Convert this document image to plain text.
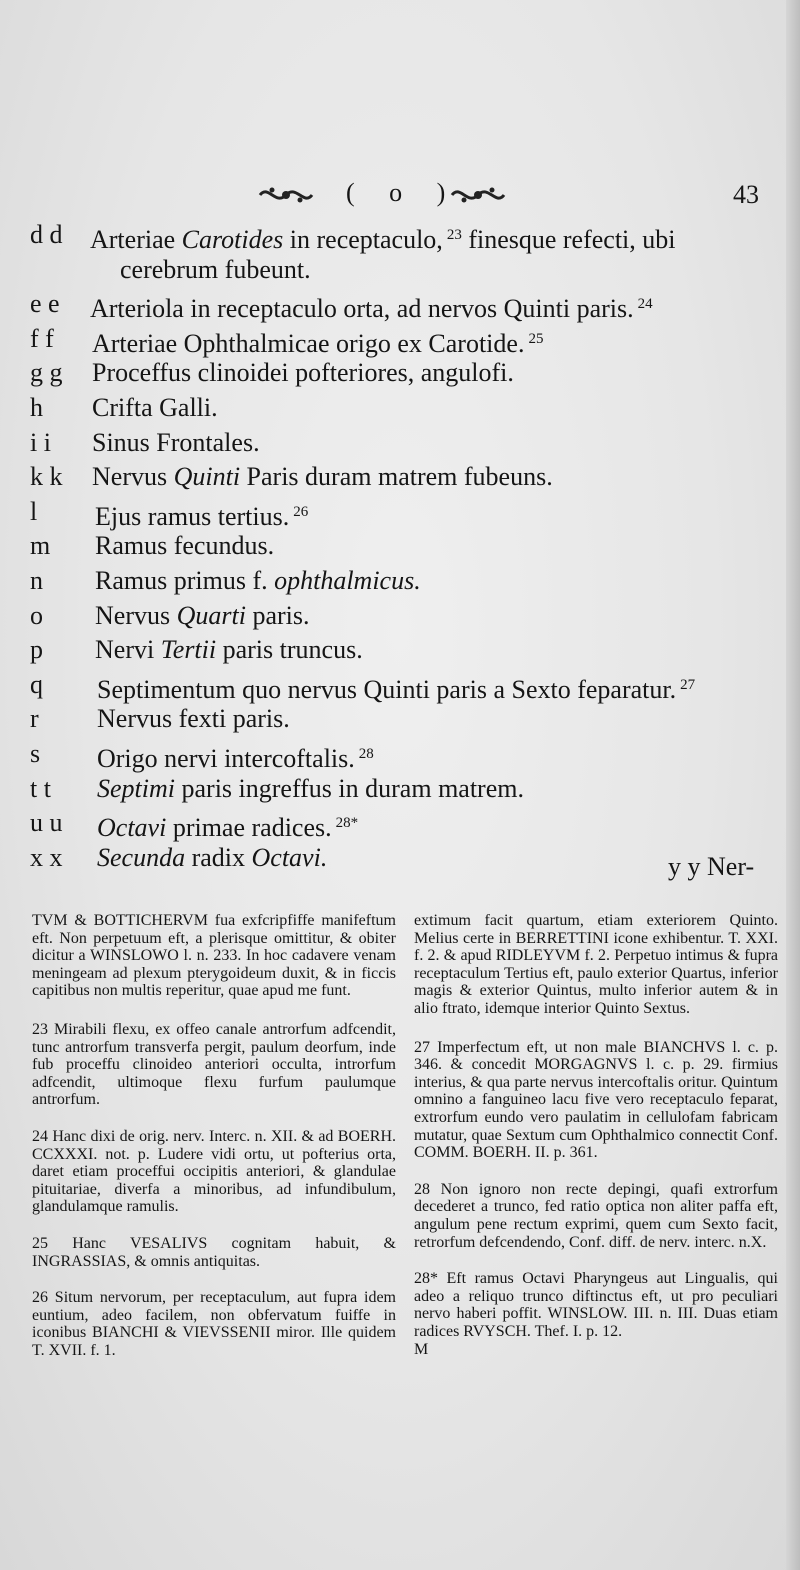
( o )	43
d d Arteriae Carotides in receptaculo, $^{23}$ finesque refecti, ubi
cerebrum fubeunt.
e e Arteriola in receptaculo orta, ad nervos Quinti paris. $^{24}$
f f Arteriae Ophthalmicae origo ex Carotide. $^{25}$
g g Proceffus clinoidei pofteriores, angulofi.
h Crifta Galli.
i i Sinus Frontales.
k k Nervus Quinti Paris duram matrem fubeuns.
l Ejus ramus tertius. $^{26}$
m Ramus fecundus.
n Ramus primus f. ophthalmicus.
o Nervus Quarti paris.
p Nervi Tertii paris truncus.
q Septimentum quo nervus Quinti paris a Sexto feparatur. $^{27}$
r Nervus fexti paris.
s Origo nervi intercoftalis. $^{28}$
t t Septimi paris ingreffus in duram matrem.
u u Octavi primae radices. $^{28*}$
x x Secunda radix Octavi.	y y Ner-

TVM & BOTTICHERVM fua exfcripfiffe manifeftum eft. Non perpetuum eft, a plerisque omittitur, & obiter dicitur a WINSLOWO l. n. 233. In hoc cadavere venam meningeam ad plexum pterygoideum duxit, & in ficcis capitibus non multis reperitur, quae apud me funt.

23 Mirabili flexu, ex offeo canale antrorfum adfcendit, tunc antrorfum transverfa pergit, paulum deorfum, inde fub proceffu clinoideo anteriori occulta, introrfum adfcendit, ultimoque flexu furfum paulumque antrorfum.

24 Hanc dixi de orig. nerv. Interc. n. XII. & ad BOERH. CCXXXI. not. p. Ludere vidi ortu, ut pofterius orta, daret etiam proceffui occipitis anteriori, & glandulae pituitariae, diverfa a minoribus, ad infundibulum, glandulamque ramulis.

25 Hanc VESALIVS cognitam habuit, & INGRASSIAS, & omnis antiquitas.

26 Situm nervorum, per receptaculum, aut fupra idem euntium, adeo facilem, non obfervatum fuiffe in iconibus BIANCHI & VIEVSSENII miror. Ille quidem T. XVII. f. 1.

extimum facit quartum, etiam exteriorem Quinto. Melius certe in BERRETTINI icone exhibentur. T. XXI. f. 2. & apud RIDLEYVM f. 2. Perpetuo intimus & fupra receptaculum Tertius eft, paulo exterior Quartus, inferior magis & exterior Quintus, multo inferior autem & in alio ftrato, idemque interior Quinto Sextus.

27 Imperfectum eft, ut non male BIANCHVS l. c. p. 346. & concedit MORGAGNVS l. c. p. 29. firmius interius, & qua parte nervus intercoftalis oritur. Quintum omnino a fanguineo lacu five vero receptaculo feparat, extrorfum eundo vero paulatim in cellulofam fabricam mutatur, quae Sextum cum Ophthalmico connectit Conf. COMM. BOERH. II. p. 361.

28 Non ignoro non recte depingi, quafi extrorfum decederet a trunco, fed ratio optica non aliter paffa eft, angulum pene rectum exprimi, quem cum Sexto facit, retrorfum defcendendo, Conf. diff. de nerv. interc. n.X.

28* Eft ramus Octavi Pharyngeus aut Lingualis, qui adeo a reliquo trunco diftinctus eft, ut pro peculiari nervo haberi poffit. WINSLOW. III. n. III. Duas etiam radices RVYSCH. Thef. I. p. 12.

M
